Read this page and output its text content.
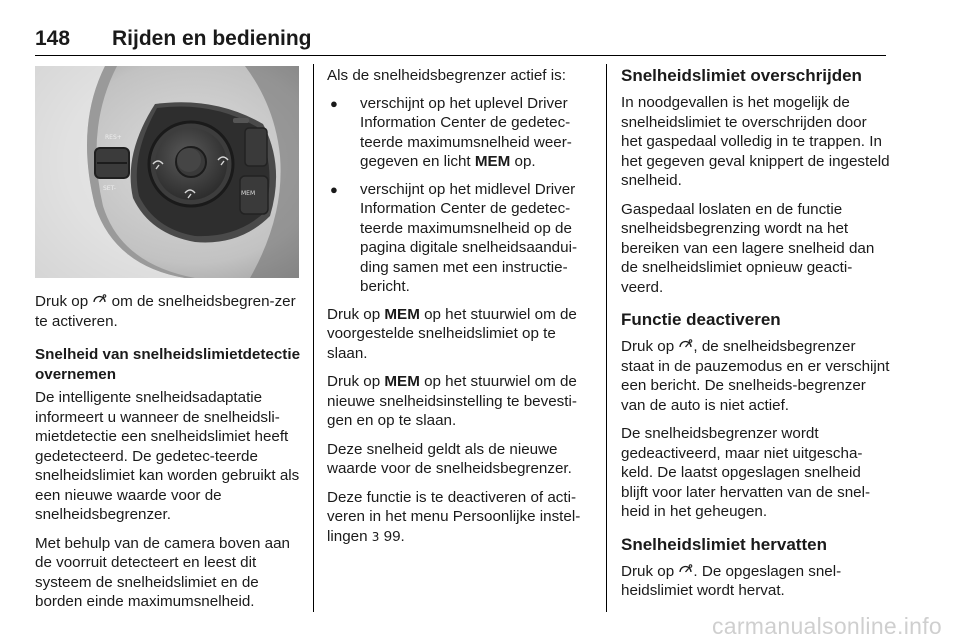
148 Rijden en bediening
MEM
RES+
SET-

Druk op  om de snelheidsbegren-zer te activeren.

Snelheid van snelheidslimietdetectie overnemen

De intelligente snelheidsadaptatie informeert u wanneer de snelheidsli-mietdetectie een snelheidslimiet heeft gedetecteerd. De gedetec-teerde snelheidslimiet kan worden gebruikt als een nieuwe waarde voor de snelheidsbegrenzer.

Met behulp van de camera boven aan de voorruit detecteert en leest dit systeem de snelheidslimiet en de borden einde maximumsnelheid.

Als de snelheidsbegrenzer actief is:

● verschijnt op het uplevel Driver Information Center de gedetec-teerde maximumsnelheid weer-gegeven en licht MEM op.
● verschijnt op het midlevel Driver Information Center de gedetec-teerde maximumsnelheid op de pagina digitale snelheidsaandui-ding samen met een instructie-bericht.

Druk op MEM op het stuurwiel om de voorgestelde snelheidslimiet op te slaan.

Druk op MEM op het stuurwiel om de nieuwe snelheidsinstelling te bevesti-gen en op te slaan.

Deze snelheid geldt als de nieuwe waarde voor de snelheidsbegrenzer.

Deze functie is te deactiveren of acti-veren in het menu Persoonlijke instel-lingen 3 99.

Snelheidslimiet overschrijden

In noodgevallen is het mogelijk de snelheidslimiet te overschrijden door het gaspedaal volledig in te trappen. In het gegeven geval knippert de ingesteld snelheid.

Gaspedaal loslaten en de functie snelheidsbegrenzing wordt na het bereiken van een lagere snelheid dan de snelheidslimiet opnieuw geacti-veerd.

Functie deactiveren

Druk op , de snelheidsbegrenzer staat in de pauzemodus en er verschijnt een bericht. De snelheids-begrenzer van de auto is niet actief.

De snelheidsbegrenzer wordt gedeactiveerd, maar niet uitgescha-keld. De laatst opgeslagen snelheid blijft voor later hervatten van de snel-heid in het geheugen.

Snelheidslimiet hervatten

Druk op . De opgeslagen snel-heidslimiet wordt hervat.

carmanualsonline.info
